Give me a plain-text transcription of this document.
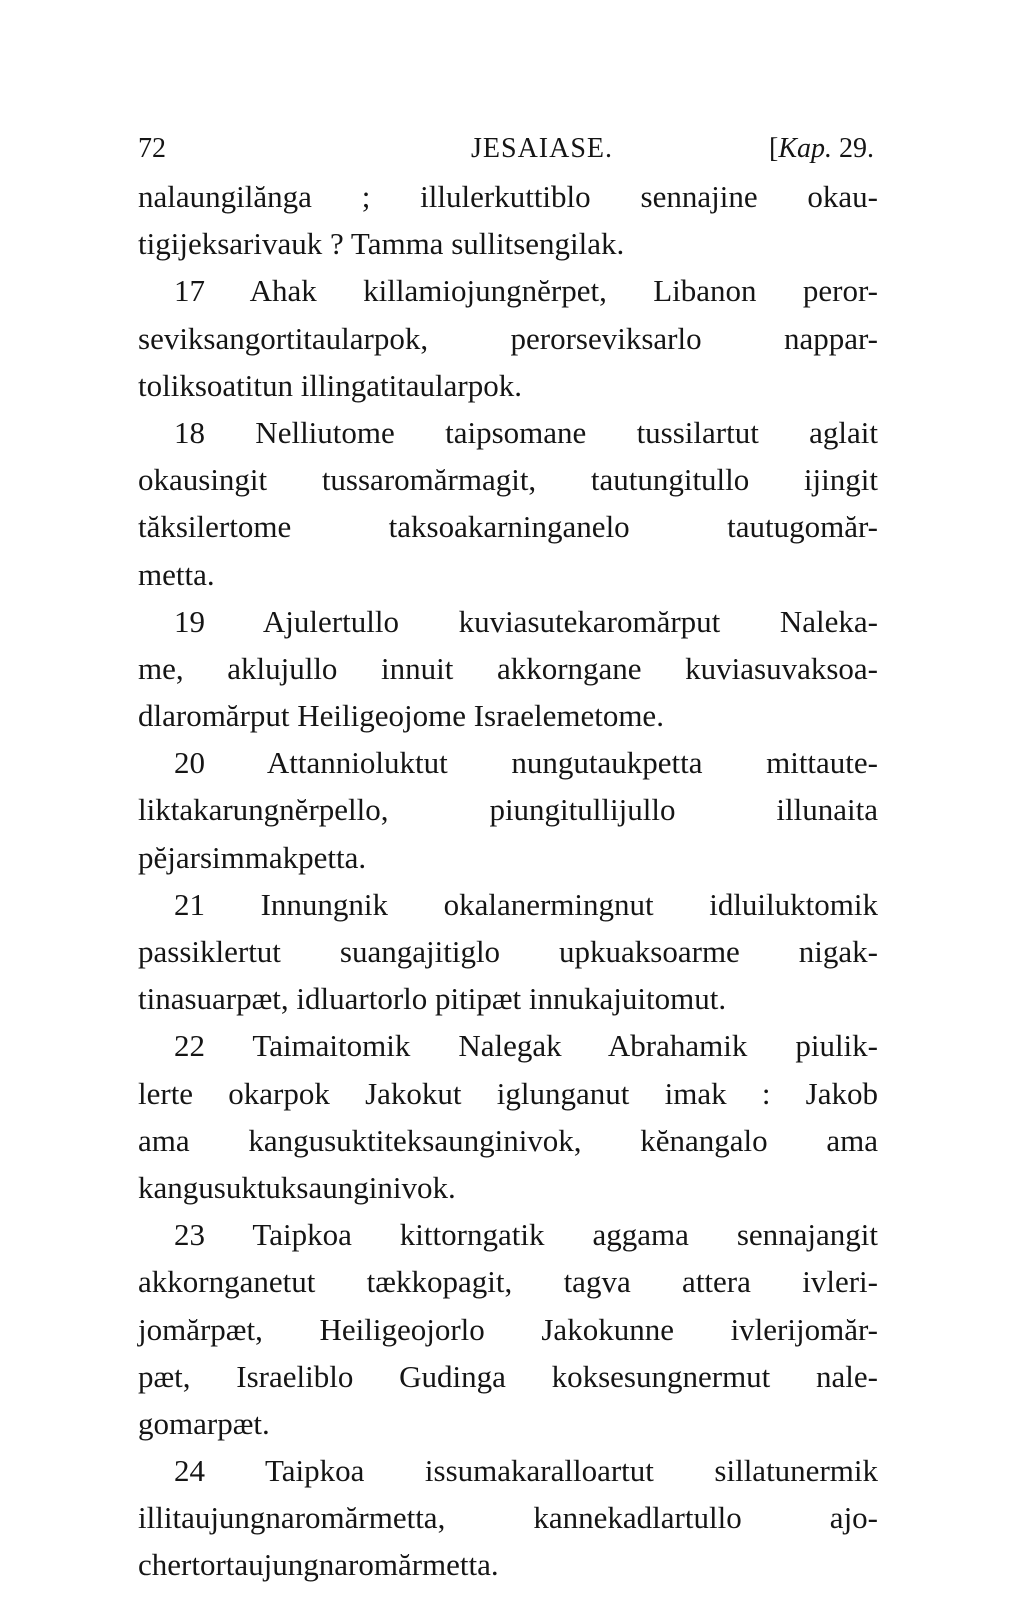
72	JESAIASE.	[Kap. 29.
nalaungilănga ; illulerkuttiblo sennajine okau-
tigijeksarivauk ? Tamma sullitsengilak.
17 Ahak killamiojungnĕrpet, Libanon peror-
seviksangortitaularpok, perorseviksarlo nappar-
toliksoatitun illingatitaularpok.
18 Nelliutome taipsomane tussilartut aglait
okausingit tussaromărmagit, tautungitullo ijingit
tăksilertome taksoakarninganelo tautugomăr-
metta.
19 Ajulertullo kuviasutekaromărput Naleka-
me, aklujullo innuit akkorngane kuviasuvaksoa-
dlaromărput Heiligeojome Israelemetome.
20 Attannioluktut nungutaukpetta mittaute-
liktakarungnĕrpello, piungitullijullo illunaita
pĕjarsimmakpetta.
21 Innungnik okalanermingnut idluiluktomik
passiklertut suangajitiglo upkuaksoarme nigak-
tinasuarpæt, idluartorlo pitipæt innukajuitomut.
22 Taimaitomik Nalegak Abrahamik piulik-
lerte okarpok Jakokut iglunganut imak : Jakob
ama kangusuktiteksaunginivok, kĕnangalo ama
kangusuktuksaunginivok.
23 Taipkoa kittorngatik aggama sennajangit
akkornganetut tækkopagit, tagva attera ivleri-
jomărpæt, Heiligeojorlo Jakokunne ivlerijomăr-
pæt, Israeliblo Gudinga koksesungnermut nale-
gomarpæt.
24 Taipkoa issumakaralloartut sillatunermik
illitaujungnaromărmetta, kannekadlartullo ajo-
chertortaujungnaromărmetta.
